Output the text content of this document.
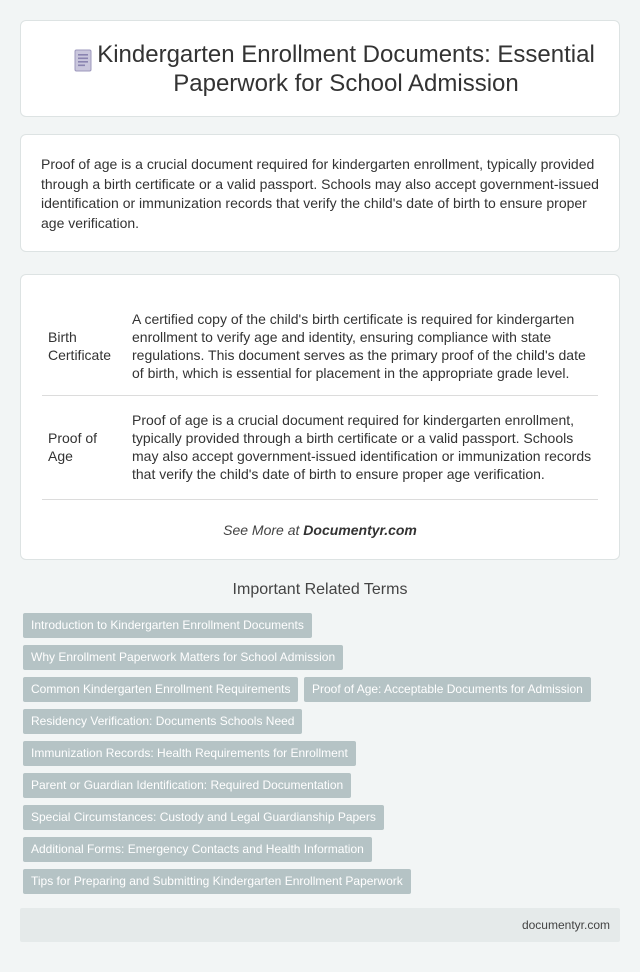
Kindergarten Enrollment Documents: Essential Paperwork for School Admission

Proof of age is a crucial document required for kindergarten enrollment, typically provided through a birth certificate or a valid passport. Schools may also accept government-issued identification or immunization records that verify the child's date of birth to ensure proper age verification.

Birth Certificate	A certified copy of the child's birth certificate is required for kindergarten enrollment to verify age and identity, ensuring compliance with state regulations. This document serves as the primary proof of the child's date of birth, which is essential for placement in the appropriate grade level.
Proof of Age	Proof of age is a crucial document required for kindergarten enrollment, typically provided through a birth certificate or a valid passport. Schools may also accept government-issued identification or immunization records that verify the child's date of birth to ensure proper age verification.
See More at Documentyr.com
Important Related Terms
Introduction to Kindergarten Enrollment Documents
Why Enrollment Paperwork Matters for School Admission
Common Kindergarten Enrollment Requirements	Proof of Age: Acceptable Documents for Admission
Residency Verification: Documents Schools Need
Immunization Records: Health Requirements for Enrollment
Parent or Guardian Identification: Required Documentation
Special Circumstances: Custody and Legal Guardianship Papers
Additional Forms: Emergency Contacts and Health Information
Tips for Preparing and Submitting Kindergarten Enrollment Paperwork
documentyr.com
